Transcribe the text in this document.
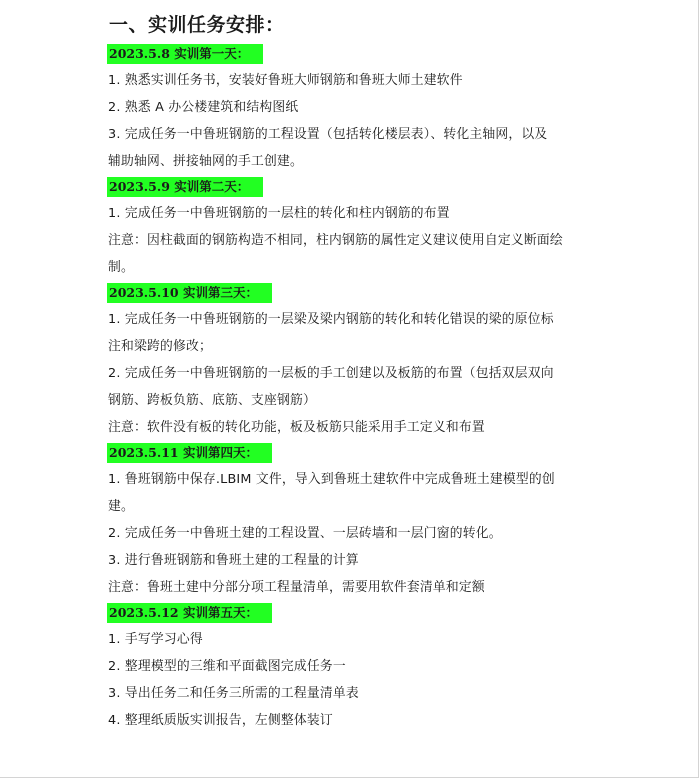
一、实训任务安排：
2023.5.8 实训第一天：

1. 熟悉实训任务书，安装好鲁班大师钢筋和鲁班大师土建软件

2. 熟悉 A 办公楼建筑和结构图纸

3. 完成任务一中鲁班钢筋的工程设置（包括转化楼层表）、转化主轴网，以及

辅助轴网、拼接轴网的手工创建。

2023.5.9 实训第二天：

1. 完成任务一中鲁班钢筋的一层柱的转化和柱内钢筋的布置

注意：因柱截面的钢筋构造不相同，柱内钢筋的属性定义建议使用自定义断面绘

制。

2023.5.10 实训第三天：

1. 完成任务一中鲁班钢筋的一层梁及梁内钢筋的转化和转化错误的梁的原位标

注和梁跨的修改；

2. 完成任务一中鲁班钢筋的一层板的手工创建以及板筋的布置（包括双层双向

钢筋、跨板负筋、底筋、支座钢筋）

注意：软件没有板的转化功能，板及板筋只能采用手工定义和布置

2023.5.11 实训第四天：

1. 鲁班钢筋中保存.LBIM 文件，导入到鲁班土建软件中完成鲁班土建模型的创

建。

2. 完成任务一中鲁班土建的工程设置、一层砖墙和一层门窗的转化。

3. 进行鲁班钢筋和鲁班土建的工程量的计算

注意：鲁班土建中分部分项工程量清单，需要用软件套清单和定额

2023.5.12 实训第五天：

1. 手写学习心得

2. 整理模型的三维和平面截图完成任务一

3. 导出任务二和任务三所需的工程量清单表

4. 整理纸质版实训报告，左侧整体装订
